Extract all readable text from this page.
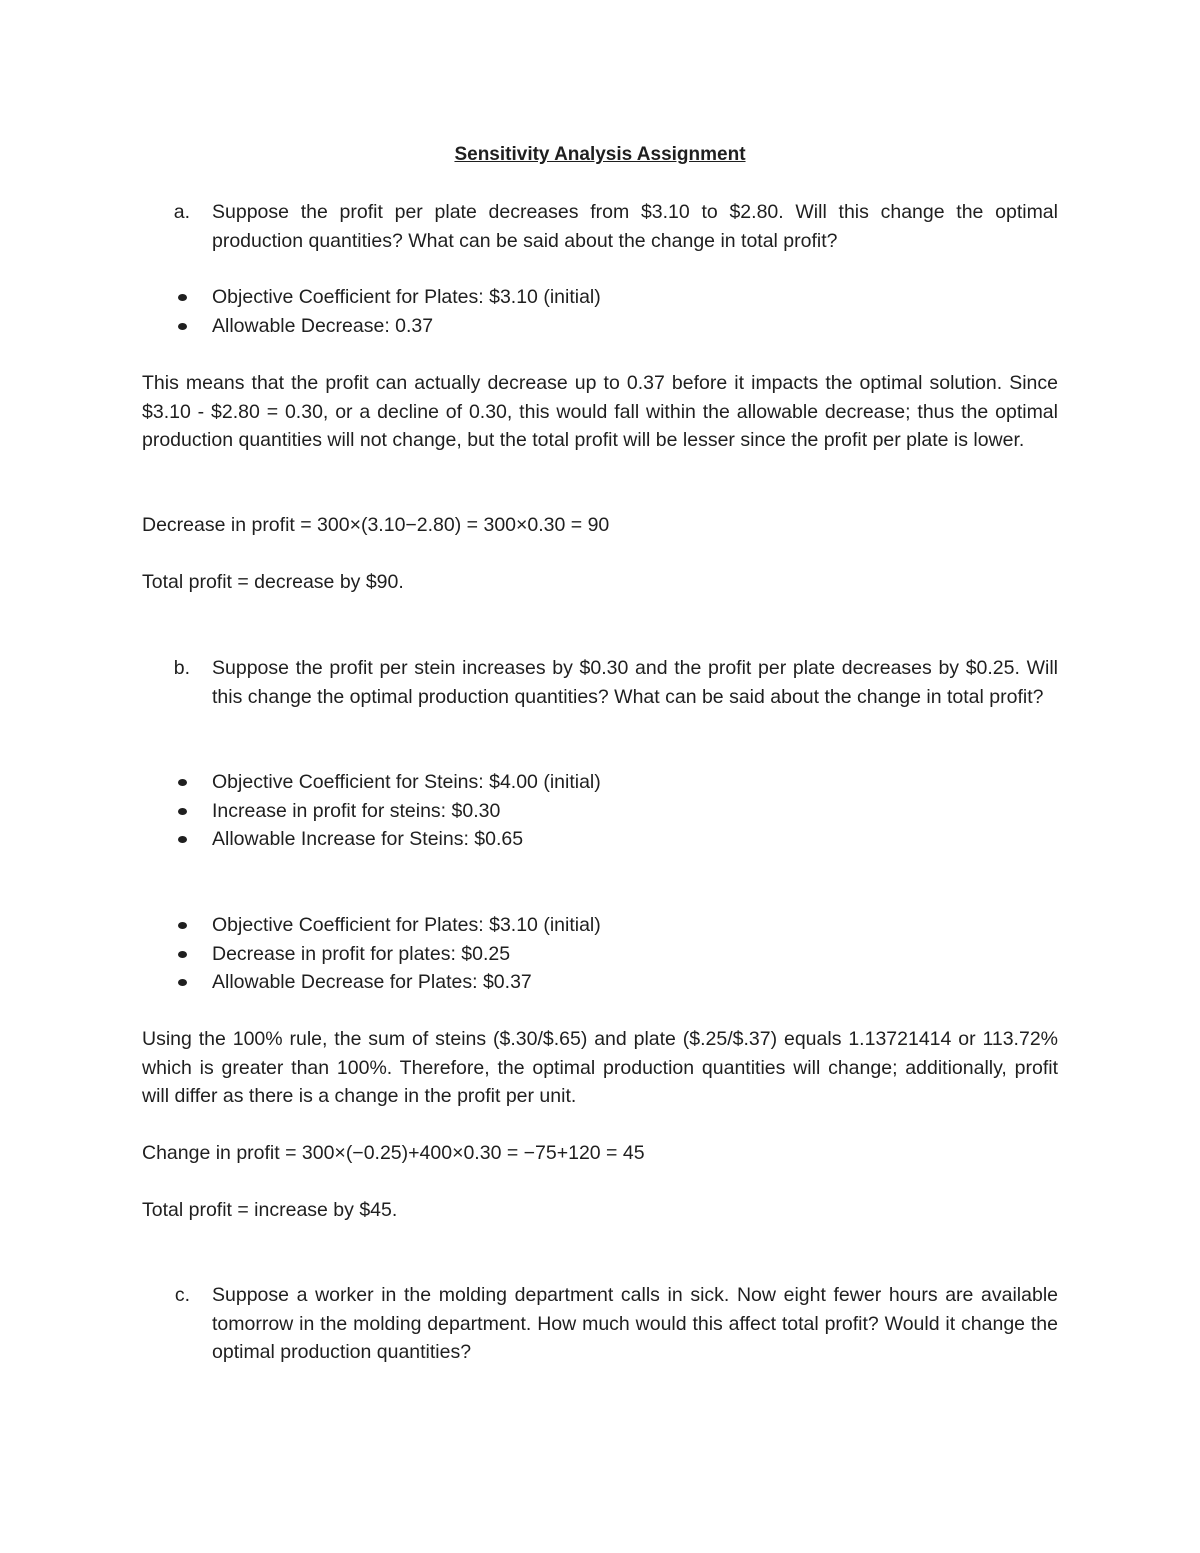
Sensitivity Analysis Assignment
a. Suppose the profit per plate decreases from $3.10 to $2.80. Will this change the optimal production quantities? What can be said about the change in total profit?
Objective Coefficient for Plates: $3.10 (initial)
Allowable Decrease: 0.37
This means that the profit can actually decrease up to 0.37 before it impacts the optimal solution. Since $3.10 - $2.80 = 0.30, or a decline of 0.30, this would fall within the allowable decrease; thus the optimal production quantities will not change, but the total profit will be lesser since the profit per plate is lower.
Decrease in profit = 300×(3.10−2.80) = 300×0.30 = 90
Total profit = decrease by $90.
b. Suppose the profit per stein increases by $0.30 and the profit per plate decreases by $0.25. Will this change the optimal production quantities? What can be said about the change in total profit?
Objective Coefficient for Steins: $4.00 (initial)
Increase in profit for steins: $0.30
Allowable Increase for Steins: $0.65
Objective Coefficient for Plates: $3.10 (initial)
Decrease in profit for plates: $0.25
Allowable Decrease for Plates: $0.37
Using the 100% rule, the sum of steins ($.30/$.65) and plate ($.25/$.37) equals 1.13721414 or 113.72% which is greater than 100%. Therefore, the optimal production quantities will change; additionally, profit will differ as there is a change in the profit per unit.
Change in profit = 300×(−0.25)+400×0.30 = −75+120 = 45
Total profit = increase by $45.
c. Suppose a worker in the molding department calls in sick. Now eight fewer hours are available tomorrow in the molding department. How much would this affect total profit? Would it change the optimal production quantities?
